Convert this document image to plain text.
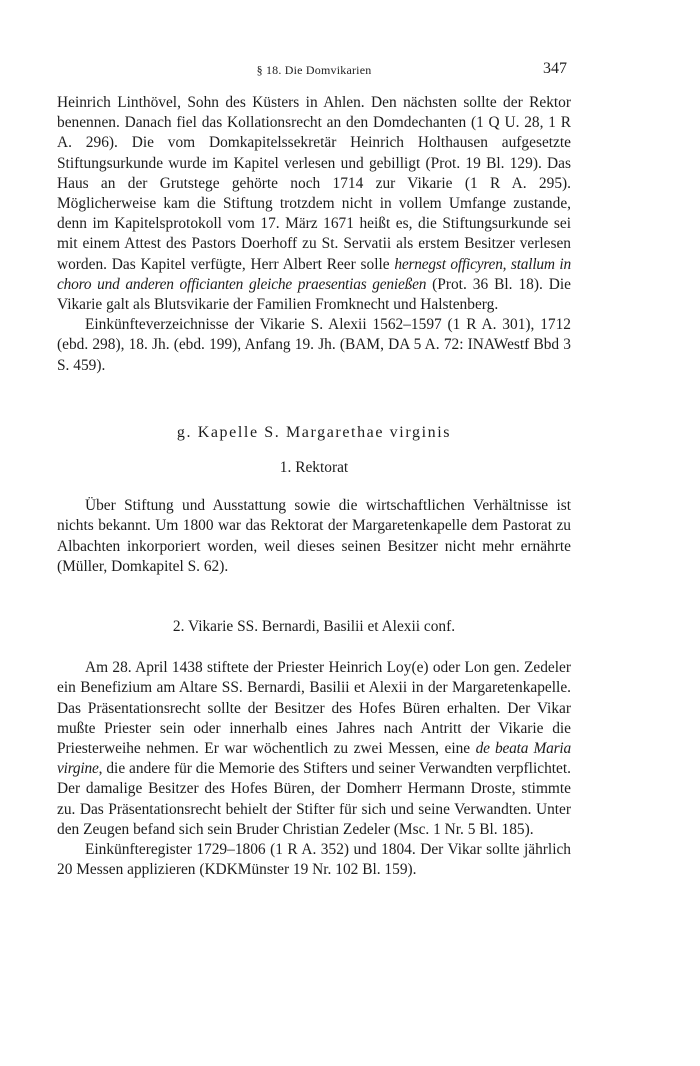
§ 18. Die Domvikarien	347

Heinrich Linthövel, Sohn des Küsters in Ahlen. Den nächsten sollte der Rektor benennen. Danach fiel das Kollationsrecht an den Domdechanten (1 Q U. 28, 1 R A. 296). Die vom Domkapitelssekretär Heinrich Holthausen aufgesetzte Stiftungsurkunde wurde im Kapitel verlesen und gebilligt (Prot. 19 Bl. 129). Das Haus an der Grutstege gehörte noch 1714 zur Vikarie (1 R A. 295). Möglicherweise kam die Stiftung trotzdem nicht in vollem Umfange zustande, denn im Kapitelsprotokoll vom 17. März 1671 heißt es, die Stiftungsurkunde sei mit einem Attest des Pastors Doerhoff zu St. Servatii als erstem Besitzer verlesen worden. Das Kapitel verfügte, Herr Albert Reer solle hernegst officyren, stallum in choro und anderen officianten gleiche praesentias genießen (Prot. 36 Bl. 18). Die Vikarie galt als Blutsvikarie der Familien Fromknecht und Halstenberg.

Einkünfteverzeichnisse der Vikarie S. Alexii 1562–1597 (1 R A. 301), 1712 (ebd. 298), 18. Jh. (ebd. 199), Anfang 19. Jh. (BAM, DA 5 A. 72: INAWestf Bbd 3 S. 459).

g. Kapelle S. Margarethae virginis
1. Rektorat

Über Stiftung und Ausstattung sowie die wirtschaftlichen Verhältnisse ist nichts bekannt. Um 1800 war das Rektorat der Margaretenkapelle dem Pastorat zu Albachten inkorporiert worden, weil dieses seinen Besitzer nicht mehr ernährte (Müller, Domkapitel S. 62).

2. Vikarie SS. Bernardi, Basilii et Alexii conf.

Am 28. April 1438 stiftete der Priester Heinrich Loy(e) oder Lon gen. Zedeler ein Benefizium am Altare SS. Bernardi, Basilii et Alexii in der Margaretenkapelle. Das Präsentationsrecht sollte der Besitzer des Hofes Büren erhalten. Der Vikar mußte Priester sein oder innerhalb eines Jahres nach Antritt der Vikarie die Priesterweihe nehmen. Er war wöchentlich zu zwei Messen, eine de beata Maria virgine, die andere für die Memorie des Stifters und seiner Verwandten verpflichtet. Der damalige Besitzer des Hofes Büren, der Domherr Hermann Droste, stimmte zu. Das Präsentationsrecht behielt der Stifter für sich und seine Verwandten. Unter den Zeugen befand sich sein Bruder Christian Zedeler (Msc. 1 Nr. 5 Bl. 185).

Einkünfteregister 1729–1806 (1 R A. 352) und 1804. Der Vikar sollte jährlich 20 Messen applizieren (KDKMünster 19 Nr. 102 Bl. 159).
